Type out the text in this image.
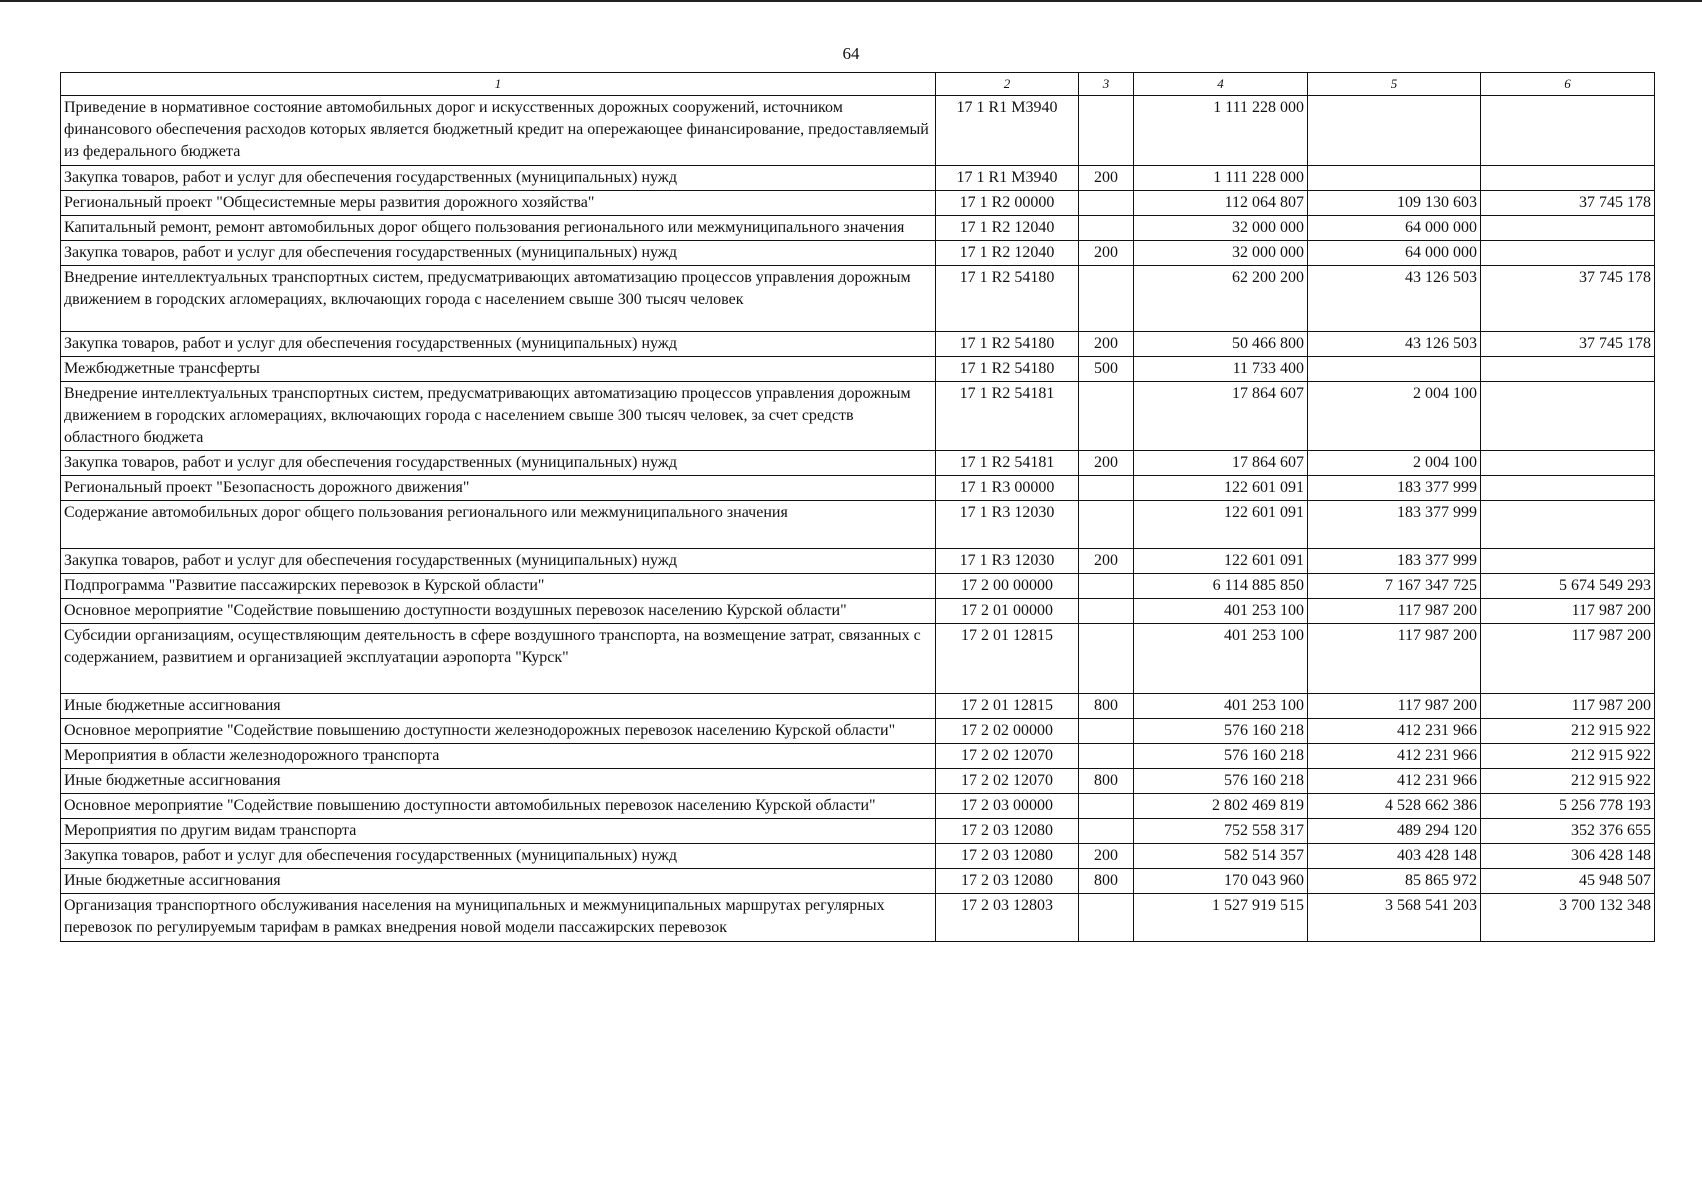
64
1	2	3	4	5	6
Приведение в нормативное состояние автомобильных дорог и искусственных дорожных сооружений, источником финансового обеспечения расходов которых является бюджетный кредит на опережающее финансирование, предоставляемый из федерального бюджета	17 1 R1 M3940		1 111 228 000		
Закупка товаров, работ и услуг для обеспечения государственных (муниципальных) нужд	17 1 R1 M3940	200	1 111 228 000		
Региональный проект "Общесистемные меры развития дорожного хозяйства"	17 1 R2 00000		112 064 807	109 130 603	37 745 178
Капитальный ремонт, ремонт автомобильных дорог общего пользования регионального или межмуниципального значения	17 1 R2 12040		32 000 000	64 000 000	
Закупка товаров, работ и услуг для обеспечения государственных (муниципальных) нужд	17 1 R2 12040	200	32 000 000	64 000 000	
Внедрение интеллектуальных транспортных систем, предусматривающих автоматизацию процессов управления дорожным движением в городских агломерациях, включающих города с населением свыше 300 тысяч человек	17 1 R2 54180		62 200 200	43 126 503	37 745 178
Закупка товаров, работ и услуг для обеспечения государственных (муниципальных) нужд	17 1 R2 54180	200	50 466 800	43 126 503	37 745 178
Межбюджетные трансферты	17 1 R2 54180	500	11 733 400		
Внедрение интеллектуальных транспортных систем, предусматривающих автоматизацию процессов управления дорожным движением в городских агломерациях, включающих города с населением свыше 300 тысяч человек, за счет средств областного бюджета	17 1 R2 54181		17 864 607	2 004 100	
Закупка товаров, работ и услуг для обеспечения государственных (муниципальных) нужд	17 1 R2 54181	200	17 864 607	2 004 100	
Региональный проект "Безопасность дорожного движения"	17 1 R3 00000		122 601 091	183 377 999	
Содержание автомобильных дорог общего пользования регионального или межмуниципального значения	17 1 R3 12030		122 601 091	183 377 999	
Закупка товаров, работ и услуг для обеспечения государственных (муниципальных) нужд	17 1 R3 12030	200	122 601 091	183 377 999	
Подпрограмма "Развитие пассажирских перевозок в Курской области"	17 2 00 00000		6 114 885 850	7 167 347 725	5 674 549 293
Основное мероприятие "Содействие повышению доступности воздушных перевозок населению Курской области"	17 2 01 00000		401 253 100	117 987 200	117 987 200
Субсидии организациям, осуществляющим деятельность в сфере воздушного транспорта, на возмещение затрат, связанных с содержанием, развитием и организацией эксплуатации аэропорта "Курск"	17 2 01 12815		401 253 100	117 987 200	117 987 200
Иные бюджетные ассигнования	17 2 01 12815	800	401 253 100	117 987 200	117 987 200
Основное мероприятие "Содействие повышению доступности железнодорожных перевозок населению Курской области"	17 2 02 00000		576 160 218	412 231 966	212 915 922
Мероприятия в области железнодорожного транспорта	17 2 02 12070		576 160 218	412 231 966	212 915 922
Иные бюджетные ассигнования	17 2 02 12070	800	576 160 218	412 231 966	212 915 922
Основное мероприятие "Содействие повышению доступности автомобильных перевозок населению Курской области"	17 2 03 00000		2 802 469 819	4 528 662 386	5 256 778 193
Мероприятия по другим видам транспорта	17 2 03 12080		752 558 317	489 294 120	352 376 655
Закупка товаров, работ и услуг для обеспечения государственных (муниципальных) нужд	17 2 03 12080	200	582 514 357	403 428 148	306 428 148
Иные бюджетные ассигнования	17 2 03 12080	800	170 043 960	85 865 972	45 948 507
Организация транспортного обслуживания населения на муниципальных и межмуниципальных маршрутах регулярных перевозок по регулируемым тарифам в рамках внедрения новой модели пассажирских перевозок	17 2 03 12803		1 527 919 515	3 568 541 203	3 700 132 348
